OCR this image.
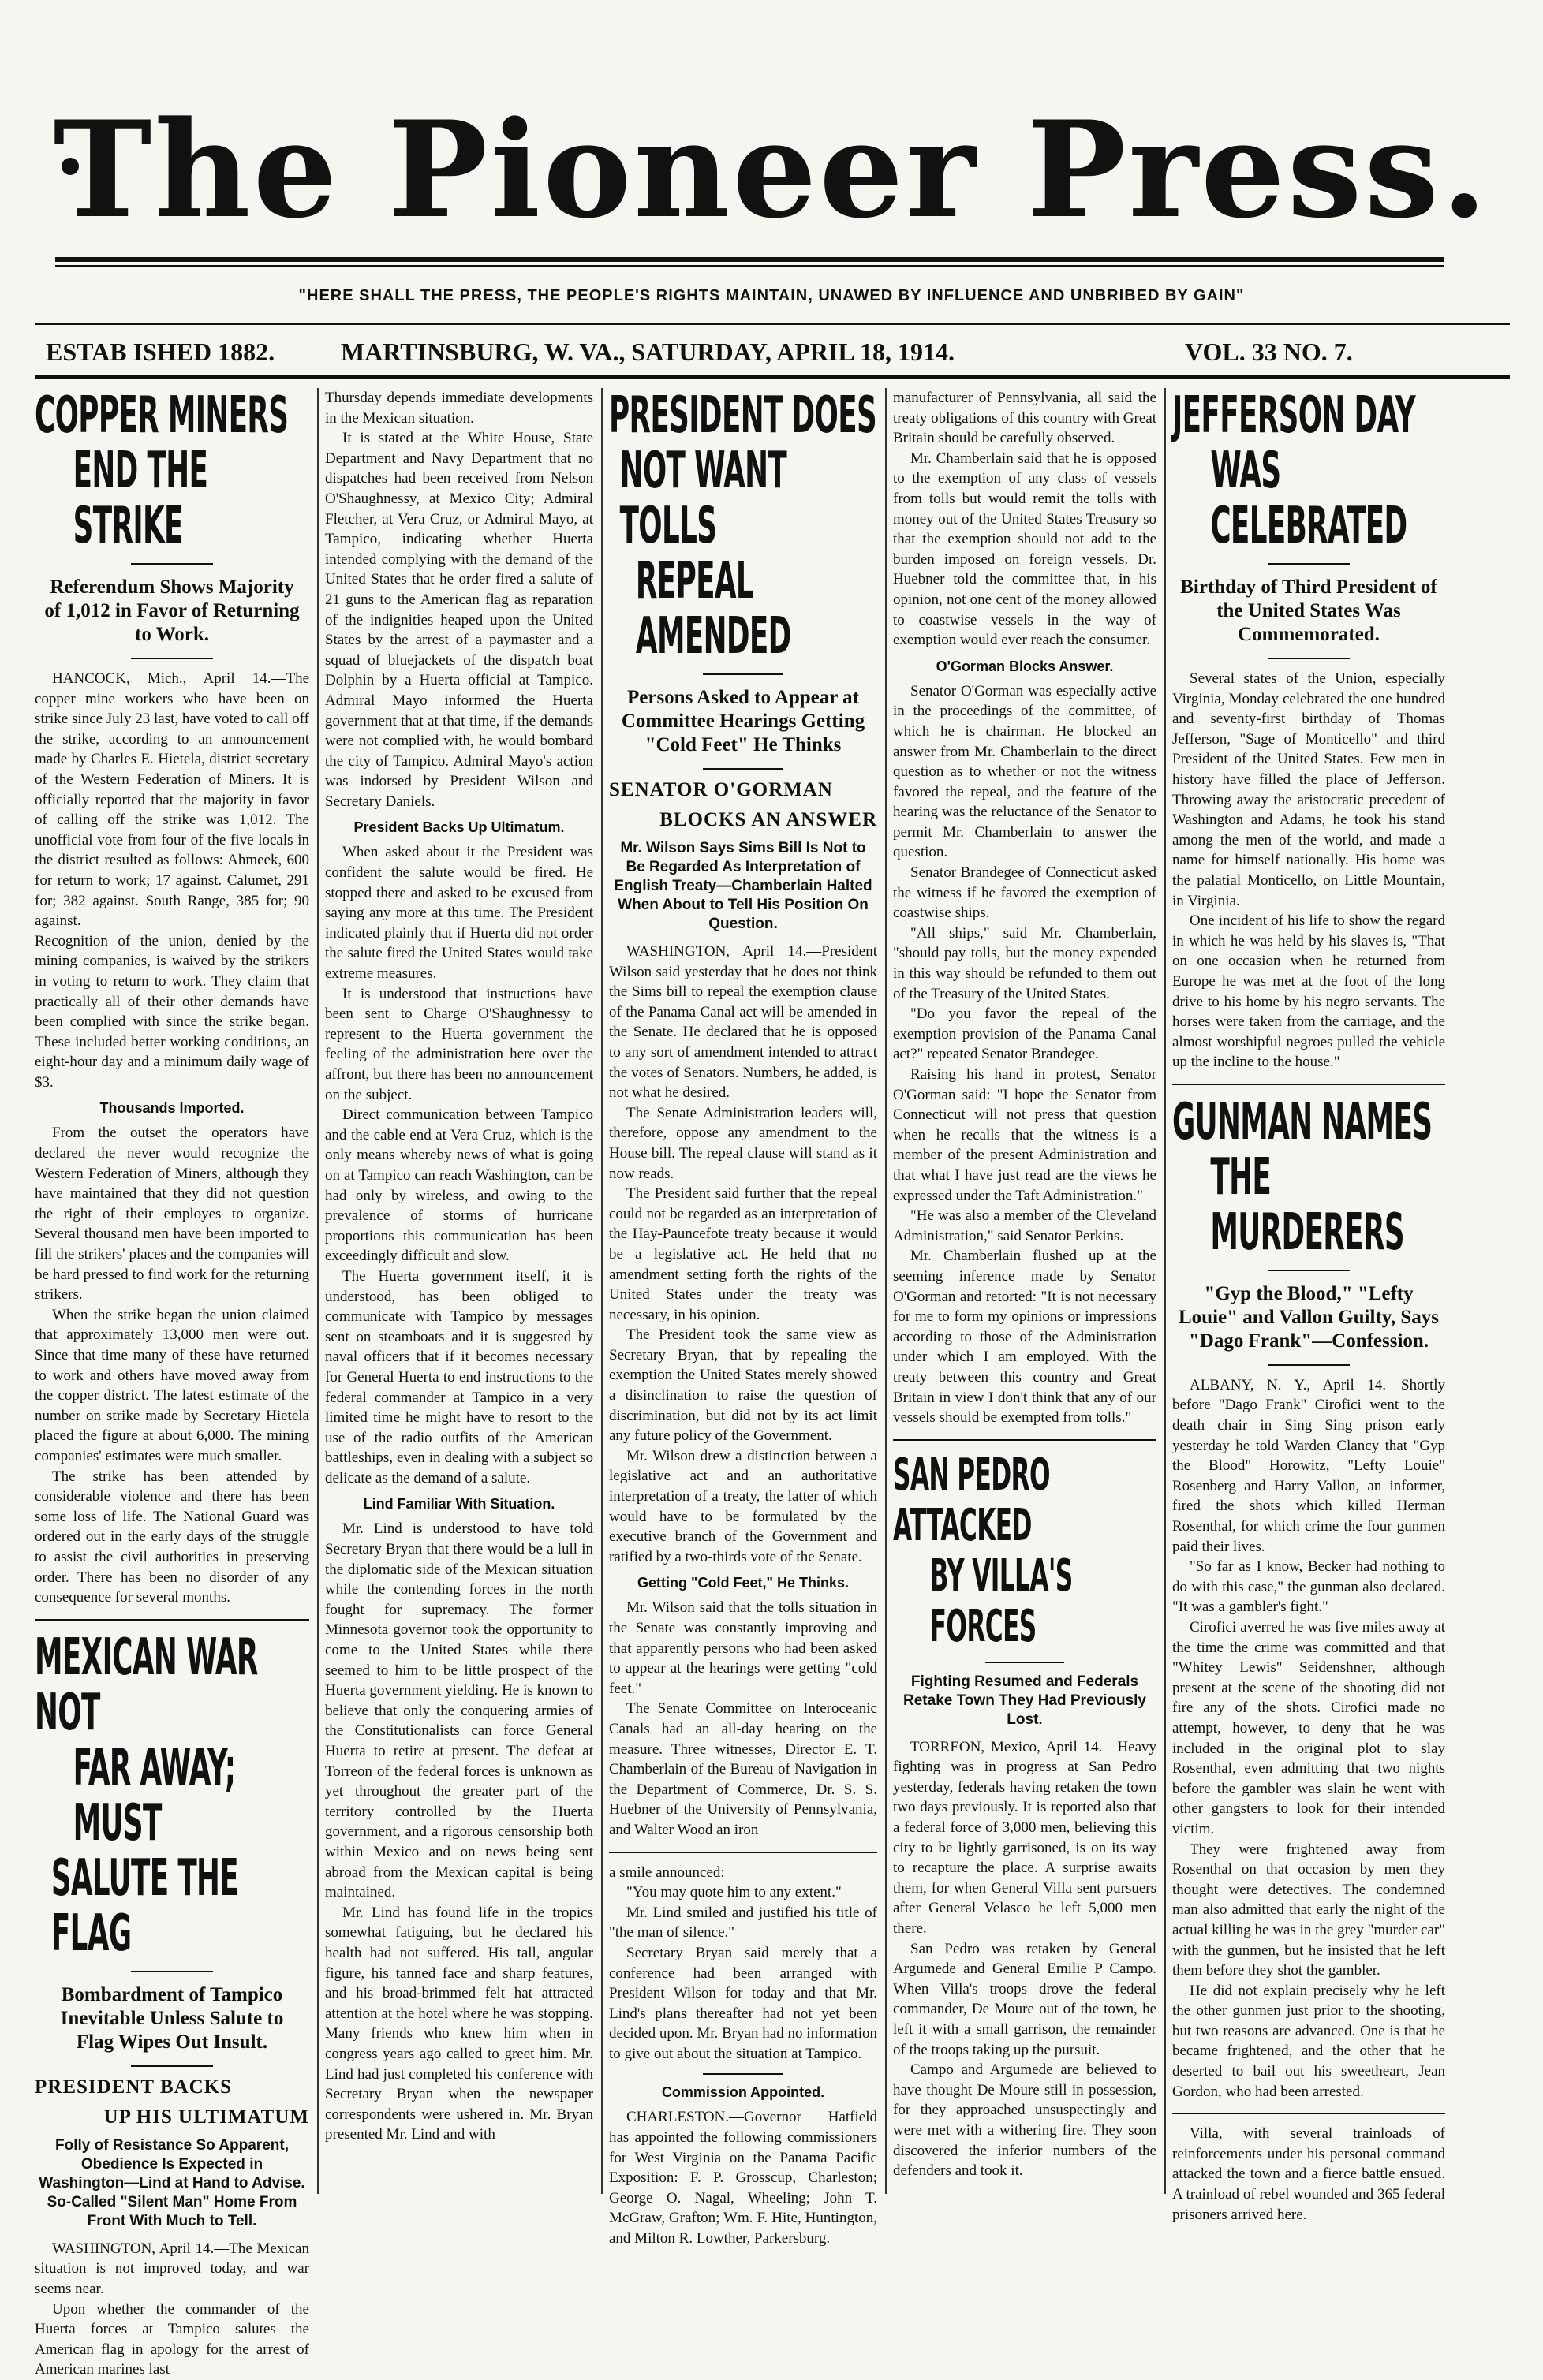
The Pioneer Press.
"HERE SHALL THE PRESS, THE PEOPLE'S RIGHTS MAINTAIN, UNAWED BY INFLUENCE AND UNBRIBED BY GAIN"
ESTAB ISHED 1882.	MARTINSBURG, W. VA., SATURDAY, APRIL 18, 1914.	VOL. 33 NO. 7.
COPPER MINERS
END THE STRIKE
Referendum Shows Majority of 1,012 in Favor of Returning to Work.

HANCOCK, Mich., April 14.—The copper mine workers who have been on strike since July 23 last, have voted to call off the strike, according to an announcement made by Charles E. Hietela, district secretary of the Western Federation of Miners. It is officially reported that the majority in favor of calling off the strike was 1,012. The unofficial vote from four of the five locals in the district resulted as follows: Ahmeek, 600 for return to work; 17 against. Calumet, 291 for; 382 against. South Range, 385 for; 90 against.

Recognition of the union, denied by the mining companies, is waived by the strikers in voting to return to work. They claim that practically all of their other demands have been complied with since the strike began. These included better working conditions, an eight-hour day and a minimum daily wage of $3.

Thousands Imported.

From the outset the operators have declared the never would recognize the Western Federation of Miners, although they have maintained that they did not question the right of their employes to organize. Several thousand men have been imported to fill the strikers' places and the companies will be hard pressed to find work for the returning strikers.

When the strike began the union claimed that approximately 13,000 men were out. Since that time many of these have returned to work and others have moved away from the copper district. The latest estimate of the number on strike made by Secretary Hietela placed the figure at about 6,000. The mining companies' estimates were much smaller.

The strike has been attended by considerable violence and there has been some loss of life. The National Guard was ordered out in the early days of the struggle to assist the civil authorities in preserving order. There has been no disorder of any consequence for several months.

MEXICAN WAR NOT
FAR AWAY; MUST
SALUTE THE FLAG
Bombardment of Tampico Inevitable Unless Salute to Flag Wipes Out Insult.
PRESIDENT BACKS
UP HIS ULTIMATUM
Folly of Resistance So Apparent, Obedience Is Expected in Washington—Lind at Hand to Advise. So-Called "Silent Man" Home From Front With Much to Tell.

WASHINGTON, April 14.—The Mexican situation is not improved today, and war seems near.

Upon whether the commander of the Huerta forces at Tampico salutes the American flag in apology for the arrest of American marines last

Thursday depends immediate developments in the Mexican situation.

It is stated at the White House, State Department and Navy Department that no dispatches had been received from Nelson O'Shaughnessy, at Mexico City; Admiral Fletcher, at Vera Cruz, or Admiral Mayo, at Tampico, indicating whether Huerta intended complying with the demand of the United States that he order fired a salute of 21 guns to the American flag as reparation of the indignities heaped upon the United States by the arrest of a paymaster and a squad of bluejackets of the dispatch boat Dolphin by a Huerta official at Tampico. Admiral Mayo informed the Huerta government that at that time, if the demands were not complied with, he would bombard the city of Tampico. Admiral Mayo's action was indorsed by President Wilson and Secretary Daniels.

President Backs Up Ultimatum.

When asked about it the President was confident the salute would be fired. He stopped there and asked to be excused from saying any more at this time. The President indicated plainly that if Huerta did not order the salute fired the United States would take extreme measures.

It is understood that instructions have been sent to Charge O'Shaughnessy to represent to the Huerta government the feeling of the administration here over the affront, but there has been no announcement on the subject.

Direct communication between Tampico and the cable end at Vera Cruz, which is the only means whereby news of what is going on at Tampico can reach Washington, can be had only by wireless, and owing to the prevalence of storms of hurricane proportions this communication has been exceedingly difficult and slow.

The Huerta government itself, it is understood, has been obliged to communicate with Tampico by messages sent on steamboats and it is suggested by naval officers that if it becomes necessary for General Huerta to end instructions to the federal commander at Tampico in a very limited time he might have to resort to the use of the radio outfits of the American battleships, even in dealing with a subject so delicate as the demand of a salute.

Lind Familiar With Situation.

Mr. Lind is understood to have told Secretary Bryan that there would be a lull in the diplomatic side of the Mexican situation while the contending forces in the north fought for supremacy. The former Minnesota governor took the opportunity to come to the United States while there seemed to him to be little prospect of the Huerta government yielding. He is known to believe that only the conquering armies of the Constitutionalists can force General Huerta to retire at present. The defeat at Torreon of the federal forces is unknown as yet throughout the greater part of the territory controlled by the Huerta government, and a rigorous censorship both within Mexico and on news being sent abroad from the Mexican capital is being maintained.

Mr. Lind has found life in the tropics somewhat fatiguing, but he declared his health had not suffered. His tall, angular figure, his tanned face and sharp features, and his broad-brimmed felt hat attracted attention at the hotel where he was stopping. Many friends who knew him when in congress years ago called to greet him. Mr. Lind had just completed his conference with Secretary Bryan when the newspaper correspondents were ushered in. Mr. Bryan presented Mr. Lind and with

PRESIDENT DOES
NOT WANT TOLLS
REPEAL AMENDED
Persons Asked to Appear at Committee Hearings Getting "Cold Feet" He Thinks
SENATOR O'GORMAN
BLOCKS AN ANSWER
Mr. Wilson Says Sims Bill Is Not to Be Regarded As Interpretation of English Treaty—Chamberlain Halted When About to Tell His Position On Question.

WASHINGTON, April 14.—President Wilson said yesterday that he does not think the Sims bill to repeal the exemption clause of the Panama Canal act will be amended in the Senate. He declared that he is opposed to any sort of amendment intended to attract the votes of Senators. Numbers, he added, is not what he desired.

The Senate Administration leaders will, therefore, oppose any amendment to the House bill. The repeal clause will stand as it now reads.

The President said further that the repeal could not be regarded as an interpretation of the Hay-Pauncefote treaty because it would be a legislative act. He held that no amendment setting forth the rights of the United States under the treaty was necessary, in his opinion.

The President took the same view as Secretary Bryan, that by repealing the exemption the United States merely showed a disinclination to raise the question of discrimination, but did not by its act limit any future policy of the Government.

Mr. Wilson drew a distinction between a legislative act and an authoritative interpretation of a treaty, the latter of which would have to be formulated by the executive branch of the Government and ratified by a two-thirds vote of the Senate.

Getting "Cold Feet," He Thinks.

Mr. Wilson said that the tolls situation in the Senate was constantly improving and that apparently persons who had been asked to appear at the hearings were getting "cold feet."

The Senate Committee on Interoceanic Canals had an all-day hearing on the measure. Three witnesses, Director E. T. Chamberlain of the Bureau of Navigation in the Department of Commerce, Dr. S. S. Huebner of the University of Pennsylvania, and Walter Wood an iron

a smile announced:

"You may quote him to any extent."

Mr. Lind smiled and justified his title of "the man of silence."

Secretary Bryan said merely that a conference had been arranged with President Wilson for today and that Mr. Lind's plans thereafter had not yet been decided upon. Mr. Bryan had no information to give out about the situation at Tampico.

Commission Appointed.

CHARLESTON.—Governor Hatfield has appointed the following commissioners for West Virginia on the Panama Pacific Exposition: F. P. Grosscup, Charleston; George O. Nagal, Wheeling; John T. McGraw, Grafton; Wm. F. Hite, Huntington, and Milton R. Lowther, Parkersburg.

manufacturer of Pennsylvania, all said the treaty obligations of this country with Great Britain should be carefully observed.

Mr. Chamberlain said that he is opposed to the exemption of any class of vessels from tolls but would remit the tolls with money out of the United States Treasury so that the exemption should not add to the burden imposed on foreign vessels. Dr. Huebner told the committee that, in his opinion, not one cent of the money allowed to coastwise vessels in the way of exemption would ever reach the consumer.

O'Gorman Blocks Answer.

Senator O'Gorman was especially active in the proceedings of the committee, of which he is chairman. He blocked an answer from Mr. Chamberlain to the direct question as to whether or not the witness favored the repeal, and the feature of the hearing was the reluctance of the Senator to permit Mr. Chamberlain to answer the question.

Senator Brandegee of Connecticut asked the witness if he favored the exemption of coastwise ships.

"All ships," said Mr. Chamberlain, "should pay tolls, but the money expended in this way should be refunded to them out of the Treasury of the United States.

"Do you favor the repeal of the exemption provision of the Panama Canal act?" repeated Senator Brandegee.

Raising his hand in protest, Senator O'Gorman said: "I hope the Senator from Connecticut will not press that question when he recalls that the witness is a member of the present Administration and that what I have just read are the views he expressed under the Taft Administration."

"He was also a member of the Cleveland Administration," said Senator Perkins.

Mr. Chamberlain flushed up at the seeming inference made by Senator O'Gorman and retorted: "It is not necessary for me to form my opinions or impressions according to those of the Administration under which I am employed. With the treaty between this country and Great Britain in view I don't think that any of our vessels should be exempted from tolls."

SAN PEDRO ATTACKED
BY VILLA'S FORCES
Fighting Resumed and Federals Retake Town They Had Previously Lost.

TORREON, Mexico, April 14.—Heavy fighting was in progress at San Pedro yesterday, federals having retaken the town two days previously. It is reported also that a federal force of 3,000 men, believing this city to be lightly garrisoned, is on its way to recapture the place. A surprise awaits them, for when General Villa sent pursuers after General Velasco he left 5,000 men there.

San Pedro was retaken by General Argumede and General Emilie P Campo. When Villa's troops drove the federal commander, De Moure out of the town, he left it with a small garrison, the remainder of the troops taking up the pursuit.

Campo and Argumede are believed to have thought De Moure still in possession, for they approached unsuspectingly and were met with a withering fire. They soon discovered the inferior numbers of the defenders and took it.

JEFFERSON DAY
WAS CELEBRATED
Birthday of Third President of the United States Was Commemorated.

Several states of the Union, especially Virginia, Monday celebrated the one hundred and seventy-first birthday of Thomas Jefferson, "Sage of Monticello" and third President of the United States. Few men in history have filled the place of Jefferson. Throwing away the aristocratic precedent of Washington and Adams, he took his stand among the men of the world, and made a name for himself nationally. His home was the palatial Monticello, on Little Mountain, in Virginia.

One incident of his life to show the regard in which he was held by his slaves is, "That on one occasion when he returned from Europe he was met at the foot of the long drive to his home by his negro servants. The horses were taken from the carriage, and the almost worshipful negroes pulled the vehicle up the incline to the house."

GUNMAN NAMES
THE MURDERERS
"Gyp the Blood," "Lefty Louie" and Vallon Guilty, Says "Dago Frank"—Confession.

ALBANY, N. Y., April 14.—Shortly before "Dago Frank" Cirofici went to the death chair in Sing Sing prison early yesterday he told Warden Clancy that "Gyp the Blood" Horowitz, "Lefty Louie" Rosenberg and Harry Vallon, an informer, fired the shots which killed Herman Rosenthal, for which crime the four gunmen paid their lives.

"So far as I know, Becker had nothing to do with this case," the gunman also declared. "It was a gambler's fight."

Cirofici averred he was five miles away at the time the crime was committed and that "Whitey Lewis" Seidenshner, although present at the scene of the shooting did not fire any of the shots. Cirofici made no attempt, however, to deny that he was included in the original plot to slay Rosenthal, even admitting that two nights before the gambler was slain he went with other gangsters to look for their intended victim.

They were frightened away from Rosenthal on that occasion by men they thought were detectives. The condemned man also admitted that early the night of the actual killing he was in the grey "murder car" with the gunmen, but he insisted that he left them before they shot the gambler.

He did not explain precisely why he left the other gunmen just prior to the shooting, but two reasons are advanced. One is that he became frightened, and the other that he deserted to bail out his sweetheart, Jean Gordon, who had been arrested.

Villa, with several trainloads of reinforcements under his personal command attacked the town and a fierce battle ensued. A trainload of rebel wounded and 365 federal prisoners arrived here.
